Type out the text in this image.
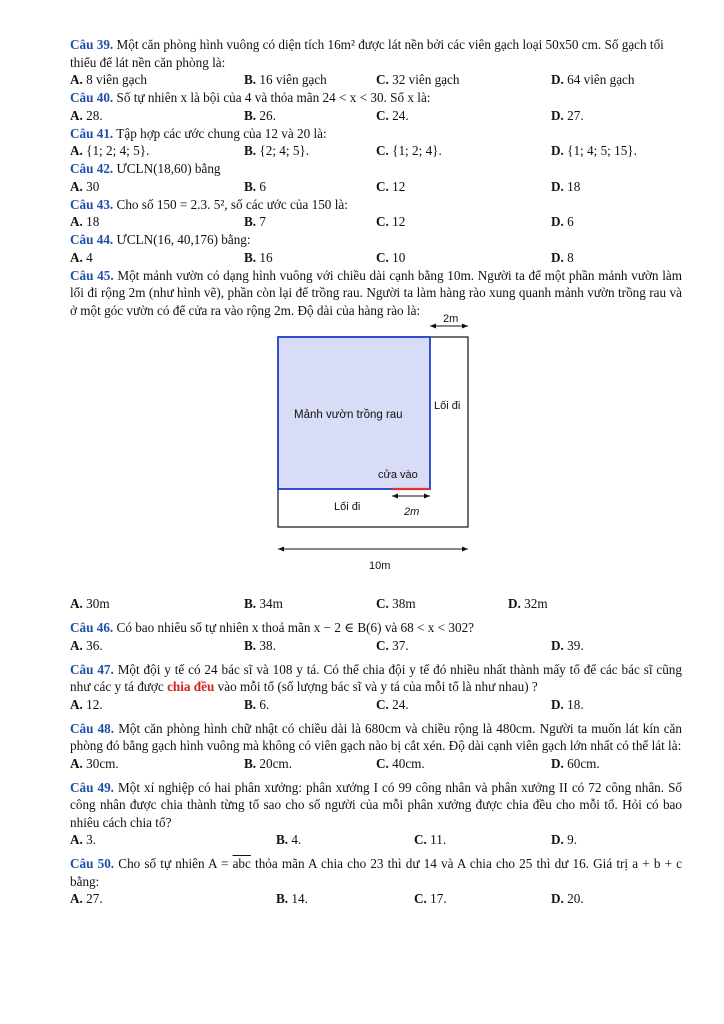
Câu 39. Một căn phòng hình vuông có diện tích 16m² được lát nền bởi các viên gạch loại 50x50 cm. Số gạch tối thiểu để lát nền căn phòng là:
A. 8 viên gạch	B. 16 viên gạch	C. 32 viên gạch	D. 64 viên gạch
Câu 40. Số tự nhiên x là bội của 4 và thỏa mãn 24 < x < 30. Số x là:
A. 28.	B. 26.	C. 24.	D. 27.
Câu 41. Tập hợp các ước chung của 12 và 20 là:
A. {1; 2; 4; 5}.	B. {2; 4; 5}.	C. {1; 2; 4}.	D. {1; 4; 5; 15}.
Câu 42. ƯCLN(18,60) bằng
A. 30	B. 6	C. 12	D. 18
Câu 43. Cho số 150 = 2.3. 5², số các ước của 150 là:
A. 18	B. 7	C. 12	D. 6
Câu 44. ƯCLN(16, 40,176) bằng:
A. 4	B. 16	C. 10	D. 8
Câu 45. Một mảnh vườn có dạng hình vuông với chiều dài cạnh bằng 10m. Người ta để một phần mảnh vườn làm lối đi rộng 2m (như hình vẽ), phần còn lại để trồng rau. Người ta làm hàng rào xung quanh mảnh vườn trồng rau và ở một góc vườn có để cửa ra vào rộng 2m. Độ dài của hàng rào là:
2m
Mảnh vườn trồng rau
Lối đi
cửa vào
Lối đi	2m
10m
A. 30m	B. 34m	C. 38m	D. 32m
Câu 46. Có bao nhiêu số tự nhiên x thoả mãn x − 2 ∈ B(6) và 68 < x < 302?
A. 36.	B. 38.	C. 37.	D. 39.
Câu 47. Một đội y tế có 24 bác sĩ và 108 y tá. Có thể chia đội y tế đó nhiều nhất thành mấy tổ để các bác sĩ cũng như các y tá được chia đều vào mỗi tổ (số lượng bác sĩ và y tá của mỗi tổ là như nhau) ?
A. 12.	B. 6.	C. 24.	D. 18.
Câu 48. Một căn phòng hình chữ nhật có chiều dài là 680cm và chiều rộng là 480cm. Người ta muốn lát kín căn phòng đó bằng gạch hình vuông mà không có viên gạch nào bị cắt xén. Độ dài cạnh viên gạch lớn nhất có thể lát là:
A. 30cm.	B. 20cm.	C. 40cm.	D. 60cm.
Câu 49. Một xí nghiệp có hai phân xưởng: phân xưởng I có 99 công nhân và phân xưởng II có 72 công nhân. Số công nhân được chia thành từng tổ sao cho số người của mỗi phân xưởng được chia đều cho mỗi tổ. Hỏi có bao nhiêu cách chia tổ?
A. 3.	B. 4.	C. 11.	D. 9.
Câu 50. Cho số tự nhiên $A = \overline{abc}$ thỏa mãn A chia cho 23 thì dư 14 và A chia cho 25 thì dư 16. Giá trị a + b + c bằng:
A. 27.	B. 14.	C. 17.	D. 20.
